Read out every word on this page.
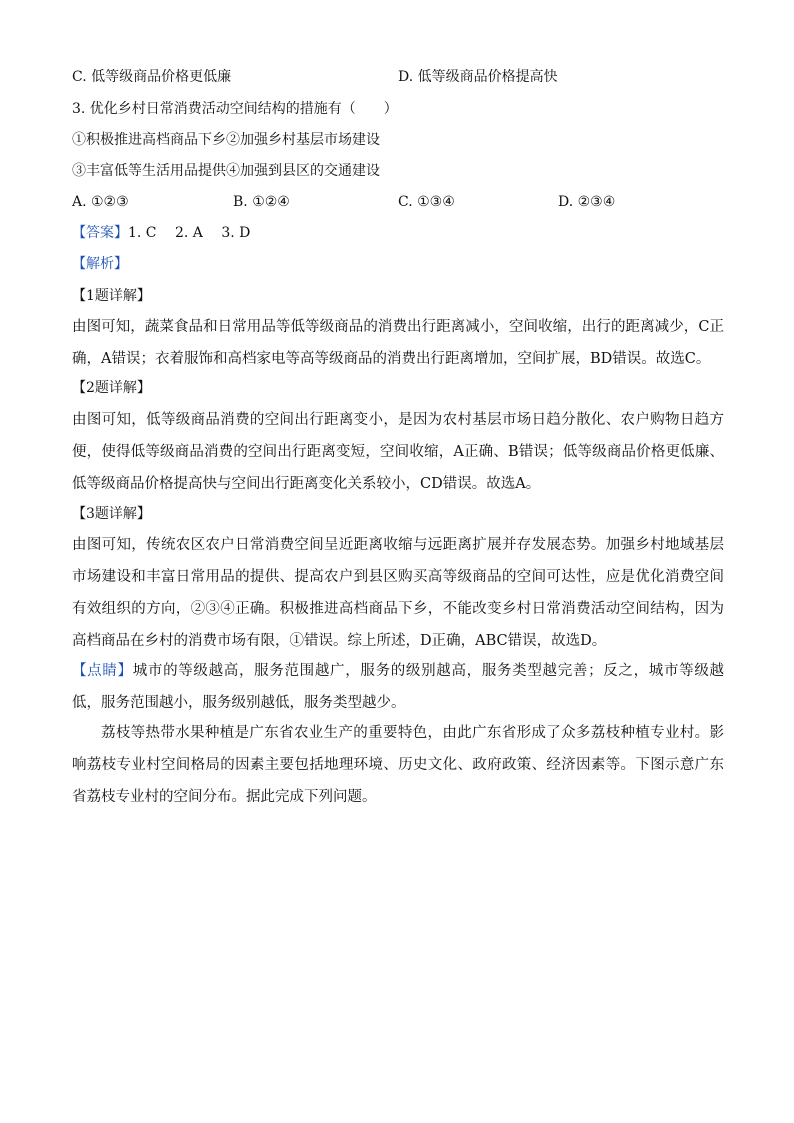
C. 低等级商品价格更低廉	D. 低等级商品价格提高快
3. 优化乡村日常消费活动空间结构的措施有（　　）
①积极推进高档商品下乡②加强乡村基层市场建设
③丰富低等生活用品提供④加强到县区的交通建设
A. ①②③	B. ①②④	C. ①③④	D. ②③④
【答案】1. C　 2. A　 3. D
【解析】
【1题详解】
由图可知，蔬菜食品和日常用品等低等级商品的消费出行距离减小，空间收缩，出行的距离减少，C正确，A错误；衣着服饰和高档家电等高等级商品的消费出行距离增加，空间扩展，BD错误。故选C。
【2题详解】
由图可知，低等级商品消费的空间出行距离变小，是因为农村基层市场日趋分散化、农户购物日趋方便，使得低等级商品消费的空间出行距离变短，空间收缩，A正确、B错误；低等级商品价格更低廉、低等级商品价格提高快与空间出行距离变化关系较小，CD错误。故选A。
【3题详解】
由图可知，传统农区农户日常消费空间呈近距离收缩与远距离扩展并存发展态势。加强乡村地域基层市场建设和丰富日常用品的提供、提高农户到县区购买高等级商品的空间可达性，应是优化消费空间有效组织的方向，②③④正确。积极推进高档商品下乡，不能改变乡村日常消费活动空间结构，因为高档商品在乡村的消费市场有限，①错误。综上所述，D正确，ABC错误，故选D。
【点睛】城市的等级越高，服务范围越广，服务的级别越高，服务类型越完善；反之，城市等级越低，服务范围越小，服务级别越低，服务类型越少。
荔枝等热带水果种植是广东省农业生产的重要特色，由此广东省形成了众多荔枝种植专业村。影响荔枝专业村空间格局的因素主要包括地理环境、历史文化、政府政策、经济因素等。下图示意广东省荔枝专业村的空间分布。据此完成下列问题。
